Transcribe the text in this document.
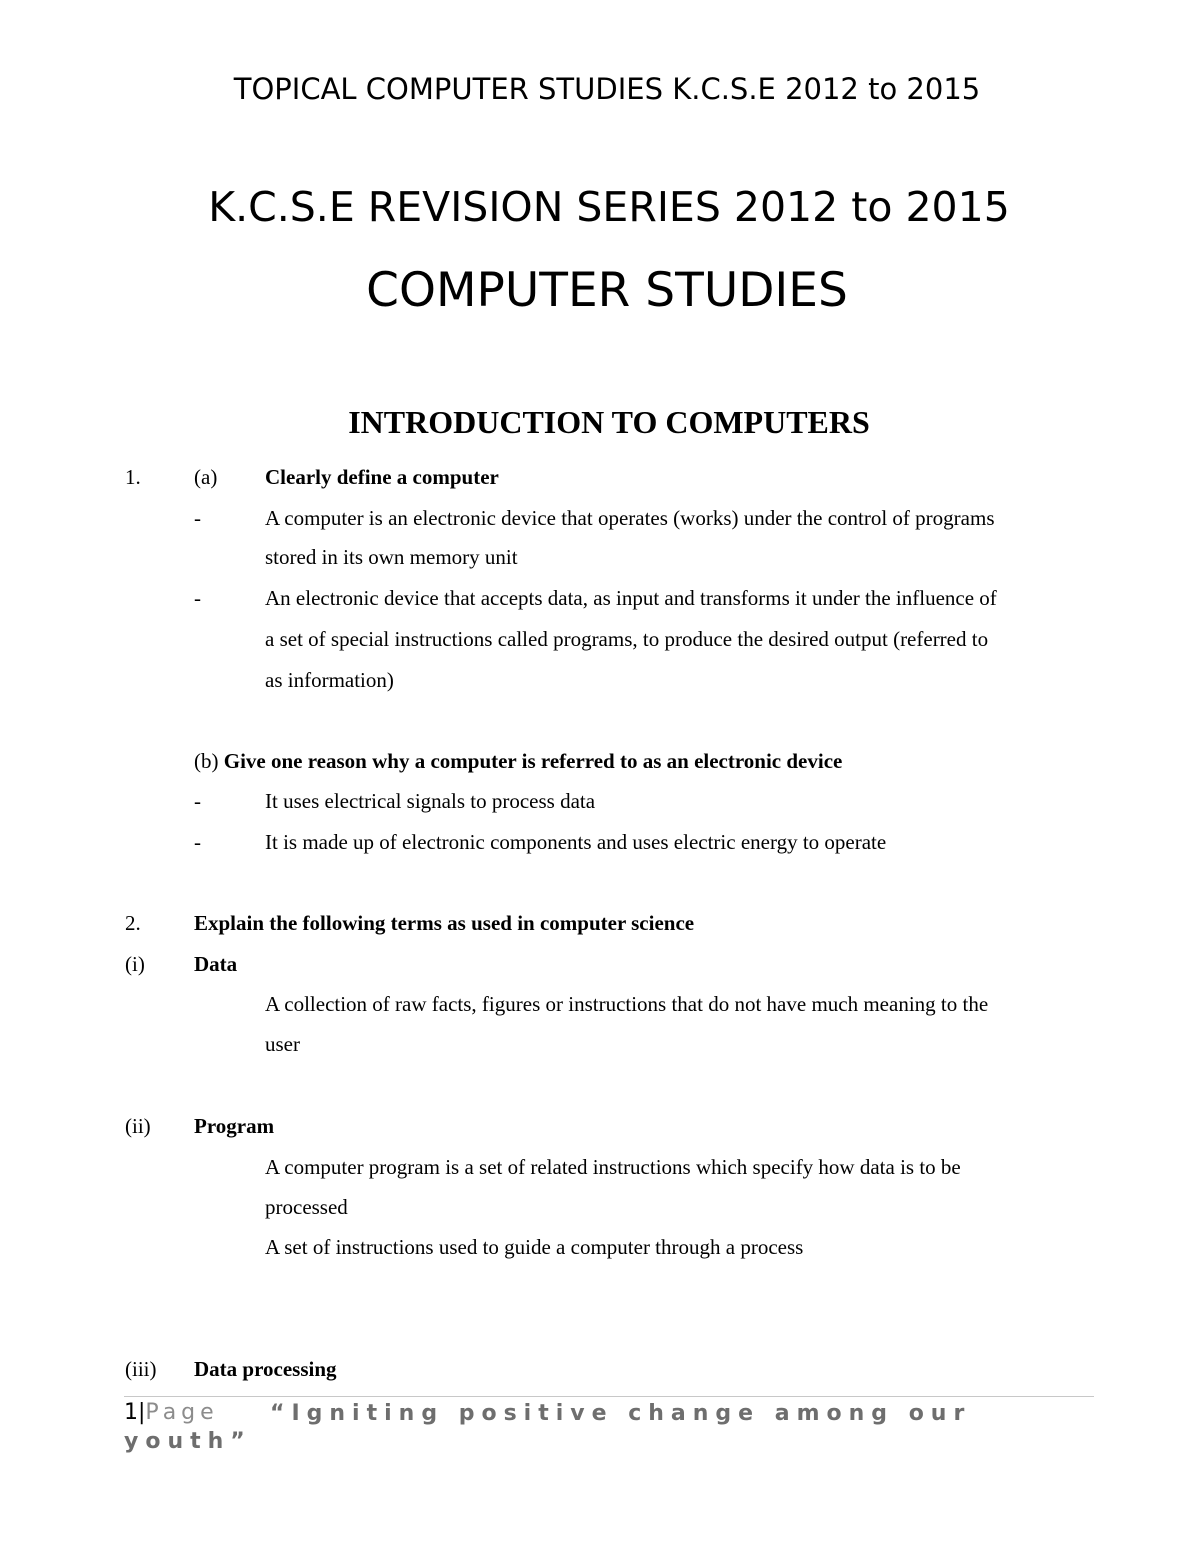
TOPICAL COMPUTER STUDIES K.C.S.E 2012 to 2015
K.C.S.E REVISION SERIES 2012 to 2015
COMPUTER STUDIES
INTRODUCTION TO COMPUTERS
1.	(a) Clearly define a computer
-	A computer is an electronic device that operates (works) under the control of programs
stored in its own memory unit
-	An electronic device that accepts data, as input and transforms it under the influence of
a set of special instructions called programs, to produce the desired output (referred to
as information)
(b) Give one reason why a computer is referred to as an electronic device
-	It uses electrical signals to process data
-	It is made up of electronic components and uses electric energy to operate
2.	Explain the following terms as used in computer science
(i) Data
A collection of raw facts, figures or instructions that do not have much meaning to the
user
(ii) Program
A computer program is a set of related instructions which specify how data is to be
processed
A set of instructions used to guide a computer through a process
(iii) Data processing
1|Page	“Igniting positive change among our youth”
